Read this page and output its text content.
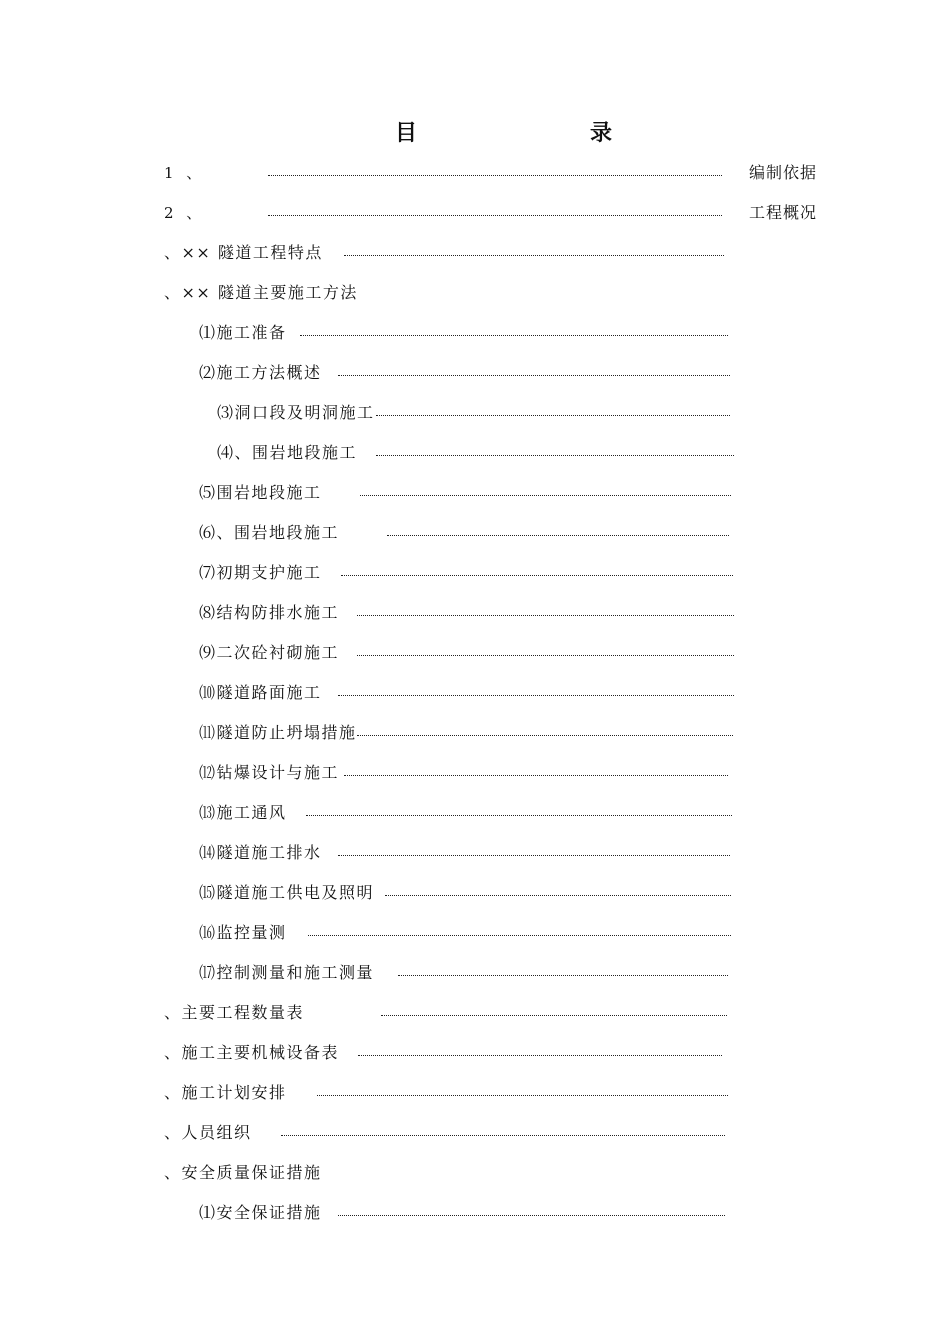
目	录
1 、	编制依据
2 、	工程概况
、×× 隧道工程特点
、×× 隧道主要施工方法
⑴施工准备
⑵施工方法概述
⑶洞口段及明洞施工
⑷、围岩地段施工
⑸围岩地段施工
⑹、围岩地段施工
⑺初期支护施工
⑻结构防排水施工
⑼二次砼衬砌施工
⑽隧道路面施工
⑾隧道防止坍塌措施
⑿钻爆设计与施工
⒀施工通风
⒁隧道施工排水
⒂隧道施工供电及照明
⒃监控量测
⒄控制测量和施工测量
、主要工程数量表
、施工主要机械设备表
、施工计划安排
、人员组织
、安全质量保证措施
⑴安全保证措施
